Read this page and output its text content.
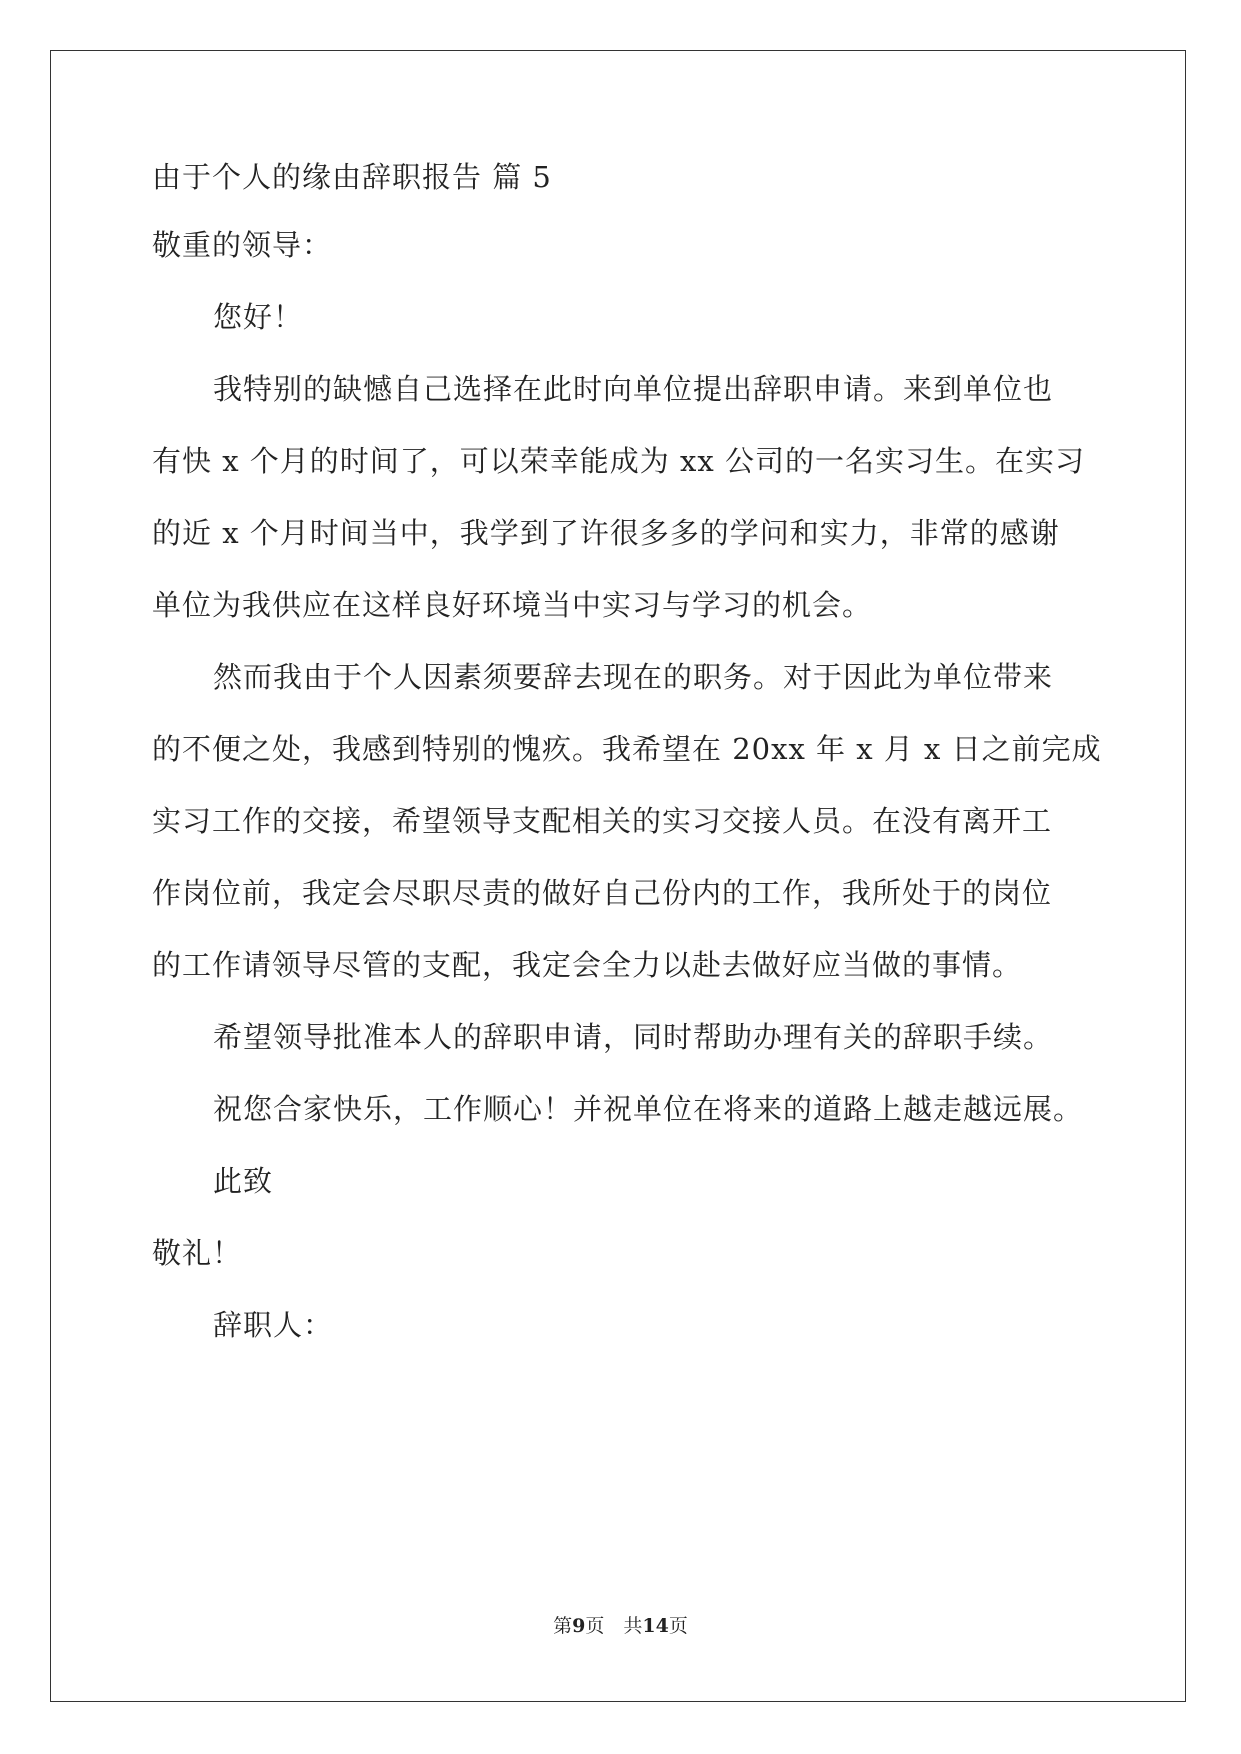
由于个人的缘由辞职报告 篇 5
敬重的领导：
您好！
我特别的缺憾自己选择在此时向单位提出辞职申请。来到单位也
有快 x 个月的时间了，可以荣幸能成为 xx 公司的一名实习生。在实习
的近 x 个月时间当中，我学到了许很多多的学问和实力，非常的感谢
单位为我供应在这样良好环境当中实习与学习的机会。
然而我由于个人因素须要辞去现在的职务。对于因此为单位带来
的不便之处，我感到特别的愧疚。我希望在 20xx 年 x 月 x 日之前完成
实习工作的交接，希望领导支配相关的实习交接人员。在没有离开工
作岗位前，我定会尽职尽责的做好自己份内的工作，我所处于的岗位
的工作请领导尽管的支配，我定会全力以赴去做好应当做的事情。
希望领导批准本人的辞职申请，同时帮助办理有关的辞职手续。
祝您合家快乐，工作顺心！并祝单位在将来的道路上越走越远展。
此致
敬礼！
辞职人：
第9页　共14页
